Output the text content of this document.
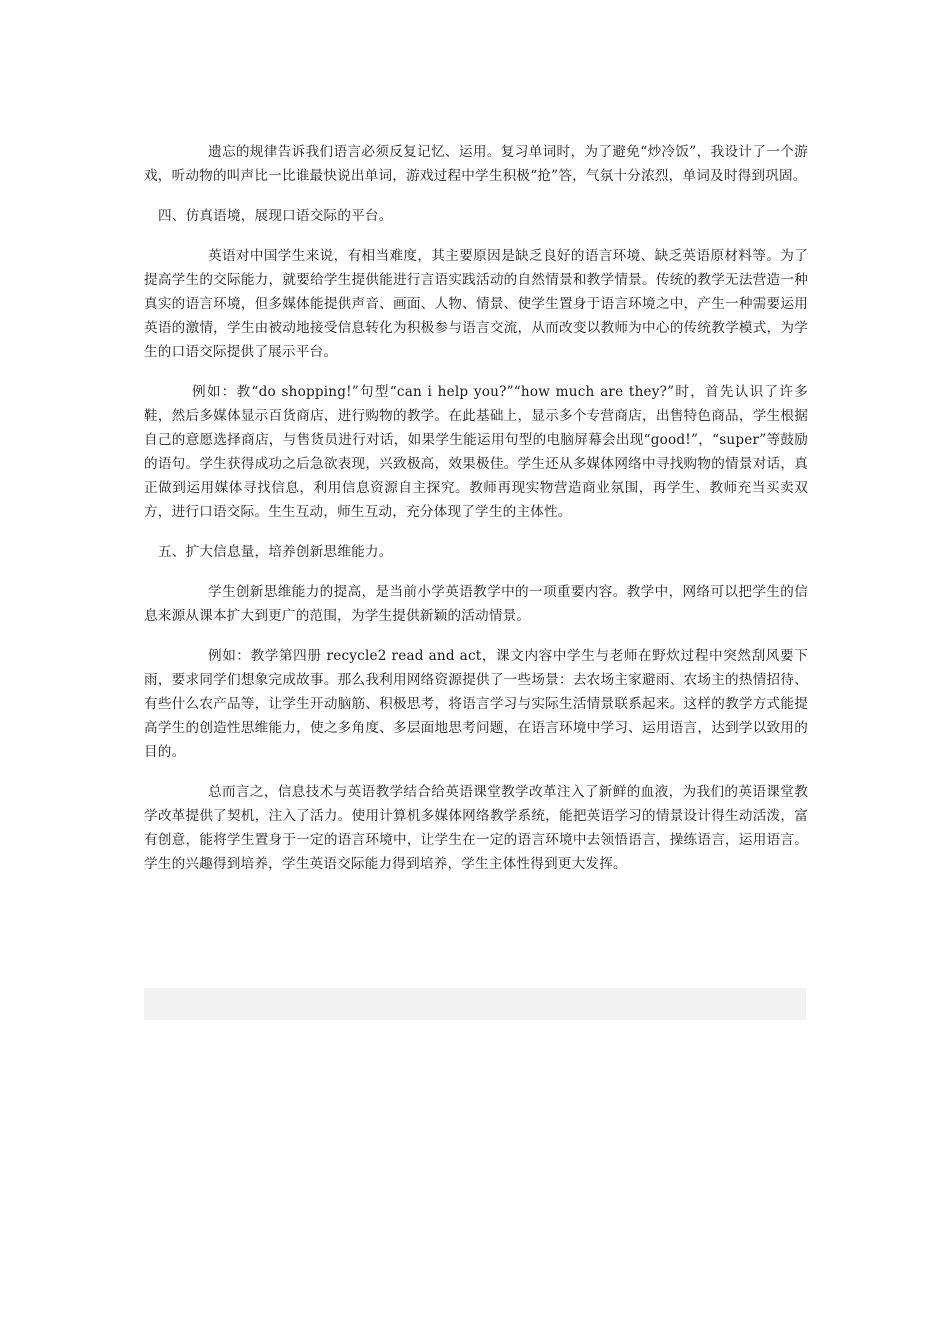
遗忘的规律告诉我们语言必须反复记忆、运用。复习单词时，为了避免“炒冷饭”，我设计了一个游戏，听动物的叫声比一比谁最快说出单词，游戏过程中学生积极“抢”答，气氛十分浓烈，单词及时得到巩固。

四、仿真语境，展现口语交际的平台。

英语对中国学生来说，有相当难度，其主要原因是缺乏良好的语言环境、缺乏英语原材料等。为了提高学生的交际能力，就要给学生提供能进行言语实践活动的自然情景和教学情景。传统的教学无法营造一种真实的语言环境，但多媒体能提供声音、画面、人物、情景、使学生置身于语言环境之中，产生一种需要运用英语的激情，学生由被动地接受信息转化为积极参与语言交流，从而改变以教师为中心的传统教学模式，为学生的口语交际提供了展示平台。

例如：教“do shopping!”句型“can i help you?”“how much are they?”时，首先认识了许多鞋，然后多媒体显示百货商店，进行购物的教学。在此基础上，显示多个专营商店，出售特色商品，学生根据自己的意愿选择商店，与售货员进行对话，如果学生能运用句型的电脑屏幕会出现“good!”，“super”等鼓励的语句。学生获得成功之后急欲表现，兴致极高，效果极佳。学生还从多媒体网络中寻找购物的情景对话，真正做到运用媒体寻找信息，利用信息资源自主探究。教师再现实物营造商业氛围，再学生、教师充当买卖双方，进行口语交际。生生互动，师生互动，充分体现了学生的主体性。

五、扩大信息量，培养创新思维能力。

学生创新思维能力的提高，是当前小学英语教学中的一项重要内容。教学中，网络可以把学生的信息来源从课本扩大到更广的范围，为学生提供新颖的活动情景。

例如：教学第四册 recycle2 read and act，课文内容中学生与老师在野炊过程中突然刮风要下雨，要求同学们想象完成故事。那么我利用网络资源提供了一些场景：去农场主家避雨、农场主的热情招待、有些什么农产品等，让学生开动脑筋、积极思考，将语言学习与实际生活情景联系起来。这样的教学方式能提高学生的创造性思维能力，使之多角度、多层面地思考问题，在语言环境中学习、运用语言，达到学以致用的目的。

总而言之，信息技术与英语教学结合给英语课堂教学改革注入了新鲜的血液，为我们的英语课堂教学改革提供了契机，注入了活力。使用计算机多媒体网络教学系统，能把英语学习的情景设计得生动活泼，富有创意，能将学生置身于一定的语言环境中，让学生在一定的语言环境中去领悟语言，操练语言，运用语言。学生的兴趣得到培养，学生英语交际能力得到培养，学生主体性得到更大发挥。
